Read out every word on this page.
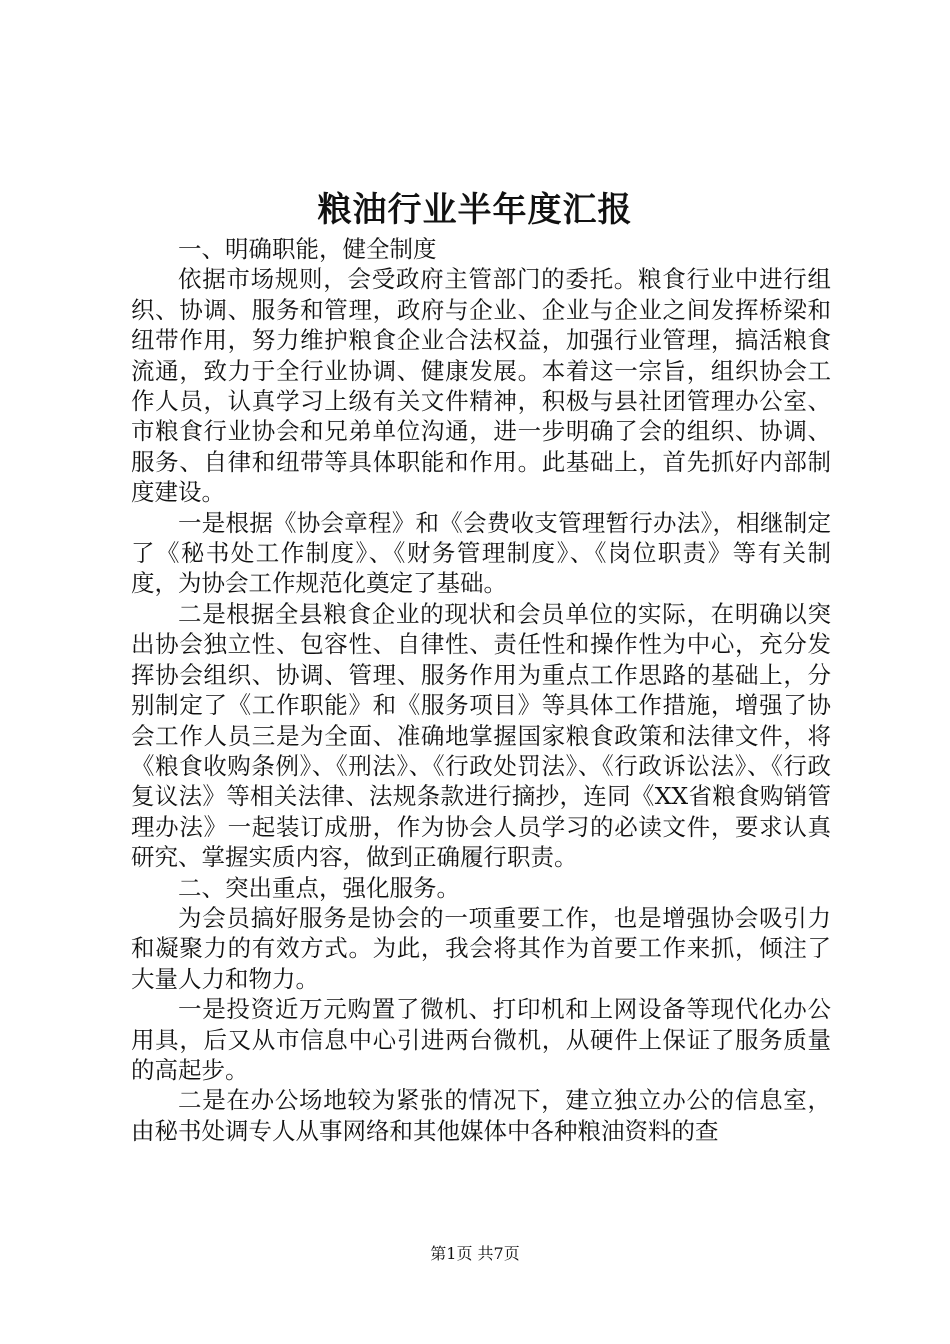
粮油行业半年度汇报

一、明确职能，健全制度

依据市场规则，会受政府主管部门的委托。粮食行业中进行组织、协调、服务和管理，政府与企业、企业与企业之间发挥桥梁和纽带作用，努力维护粮食企业合法权益，加强行业管理，搞活粮食流通，致力于全行业协调、健康发展。本着这一宗旨，组织协会工作人员，认真学习上级有关文件精神，积极与县社团管理办公室、市粮食行业协会和兄弟单位沟通，进一步明确了会的组织、协调、服务、自律和纽带等具体职能和作用。此基础上，首先抓好内部制度建设。

一是根据《协会章程》和《会费收支管理暂行办法》，相继制定了《秘书处工作制度》、《财务管理制度》、《岗位职责》等有关制度，为协会工作规范化奠定了基础。

二是根据全县粮食企业的现状和会员单位的实际，在明确以突出协会独立性、包容性、自律性、责任性和操作性为中心，充分发挥协会组织、协调、管理、服务作用为重点工作思路的基础上，分别制定了《工作职能》和《服务项目》等具体工作措施，增强了协会工作人员三是为全面、准确地掌握国家粮食政策和法律文件，将《粮食收购条例》、《刑法》、《行政处罚法》、《行政诉讼法》、《行政复议法》等相关法律、法规条款进行摘抄，连同《XX省粮食购销管理办法》一起装订成册，作为协会人员学习的必读文件，要求认真研究、掌握实质内容，做到正确履行职责。

二、突出重点，强化服务。

为会员搞好服务是协会的一项重要工作，也是增强协会吸引力和凝聚力的有效方式。为此，我会将其作为首要工作来抓，倾注了大量人力和物力。

一是投资近万元购置了微机、打印机和上网设备等现代化办公用具，后又从市信息中心引进两台微机，从硬件上保证了服务质量的高起步。

二是在办公场地较为紧张的情况下，建立独立办公的信息室，由秘书处调专人从事网络和其他媒体中各种粮油资料的查

第1页 共7页
